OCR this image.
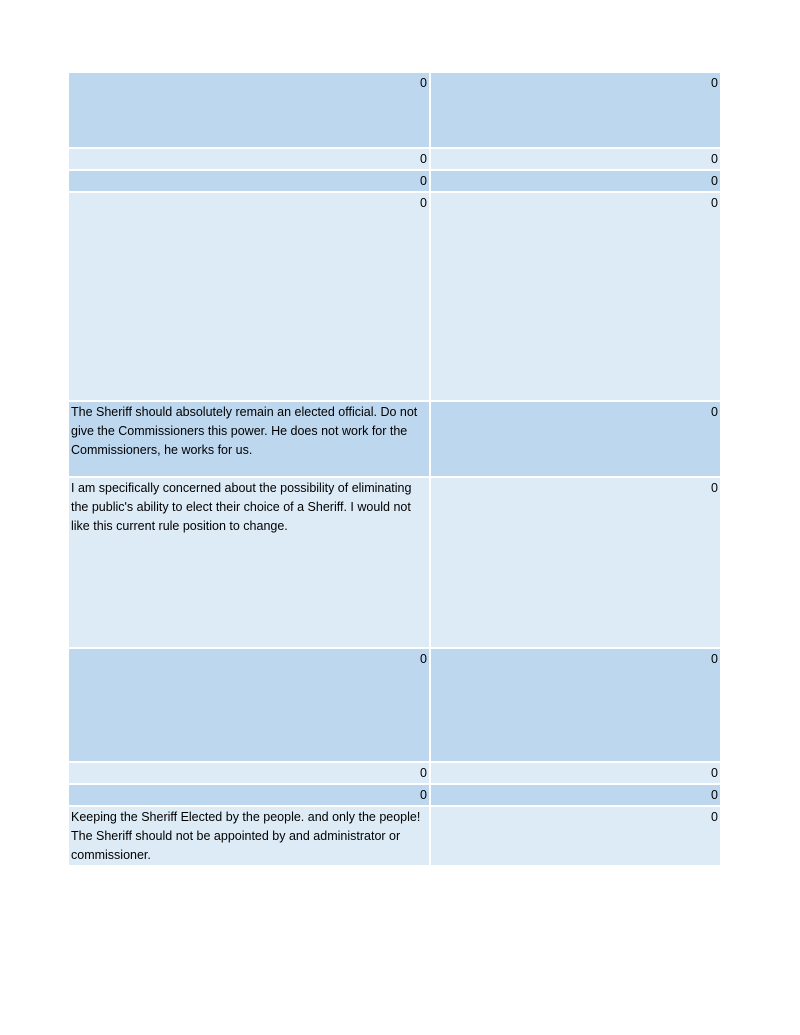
0	0
0	0
0	0
0	0
The Sheriff should absolutely remain an elected official. Do not give the Commissioners this power. He does not work for the Commissioners, he works for us.	0
I am specifically concerned about the possibility of eliminating the public's ability to elect their choice of a Sheriff. I would not like this current rule position to change.	0
0	0
0	0
0	0
Keeping the Sheriff Elected by the people. and only the people! The Sheriff should not be appointed by and administrator or commissioner.	0
